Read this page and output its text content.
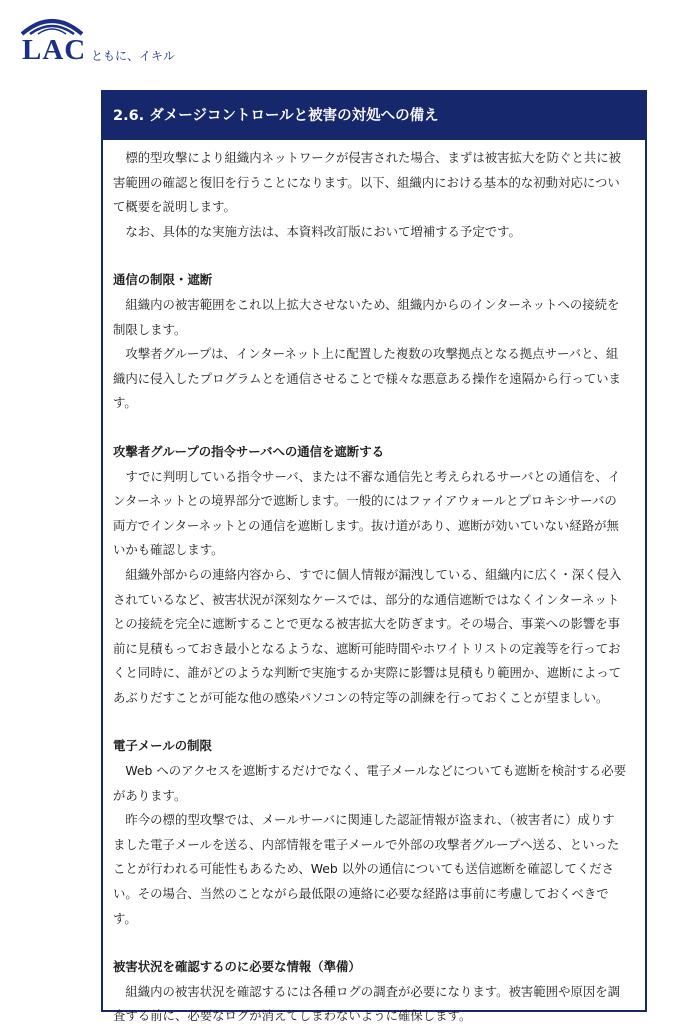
LAC ともに、イキル
2.6. ダメージコントロールと被害の対処への備え

標的型攻撃により組織内ネットワークが侵害された場合、まずは被害拡大を防ぐと共に被害範囲の確認と復旧を行うことになります。以下、組織内における基本的な初動対応について概要を説明します。

なお、具体的な実施方法は、本資料改訂版において増補する予定です。

通信の制限・遮断

組織内の被害範囲をこれ以上拡大させないため、組織内からのインターネットへの接続を制限します。

攻撃者グループは、インターネット上に配置した複数の攻撃拠点となる拠点サーバと、組織内に侵入したプログラムとを通信させることで様々な悪意ある操作を遠隔から行っています。

攻撃者グループの指令サーバへの通信を遮断する

すでに判明している指令サーバ、または不審な通信先と考えられるサーバとの通信を、インターネットとの境界部分で遮断します。一般的にはファイアウォールとプロキシサーバの両方でインターネットとの通信を遮断します。抜け道があり、遮断が効いていない経路が無いかも確認します。

組織外部からの連絡内容から、すでに個人情報が漏洩している、組織内に広く・深く侵入されているなど、被害状況が深刻なケースでは、部分的な通信遮断ではなくインターネットとの接続を完全に遮断することで更なる被害拡大を防ぎます。その場合、事業への影響を事前に見積もっておき最小となるような、遮断可能時間やホワイトリストの定義等を行っておくと同時に、誰がどのような判断で実施するか実際に影響は見積もり範囲か、遮断によってあぶりだすことが可能な他の感染パソコンの特定等の訓練を行っておくことが望ましい。

電子メールの制限

Web へのアクセスを遮断するだけでなく、電子メールなどについても遮断を検討する必要があります。

昨今の標的型攻撃では、メールサーバに関連した認証情報が盗まれ、（被害者に）成りすました電子メールを送る、内部情報を電子メールで外部の攻撃者グループへ送る、といったことが行われる可能性もあるため、Web 以外の通信についても送信遮断を確認してください。その場合、当然のことながら最低限の連絡に必要な経路は事前に考慮しておくべきです。

被害状況を確認するのに必要な情報（準備）

組織内の被害状況を確認するには各種ログの調査が必要になります。被害範囲や原因を調査する前に、必要なログが消えてしまわないように確保します。
